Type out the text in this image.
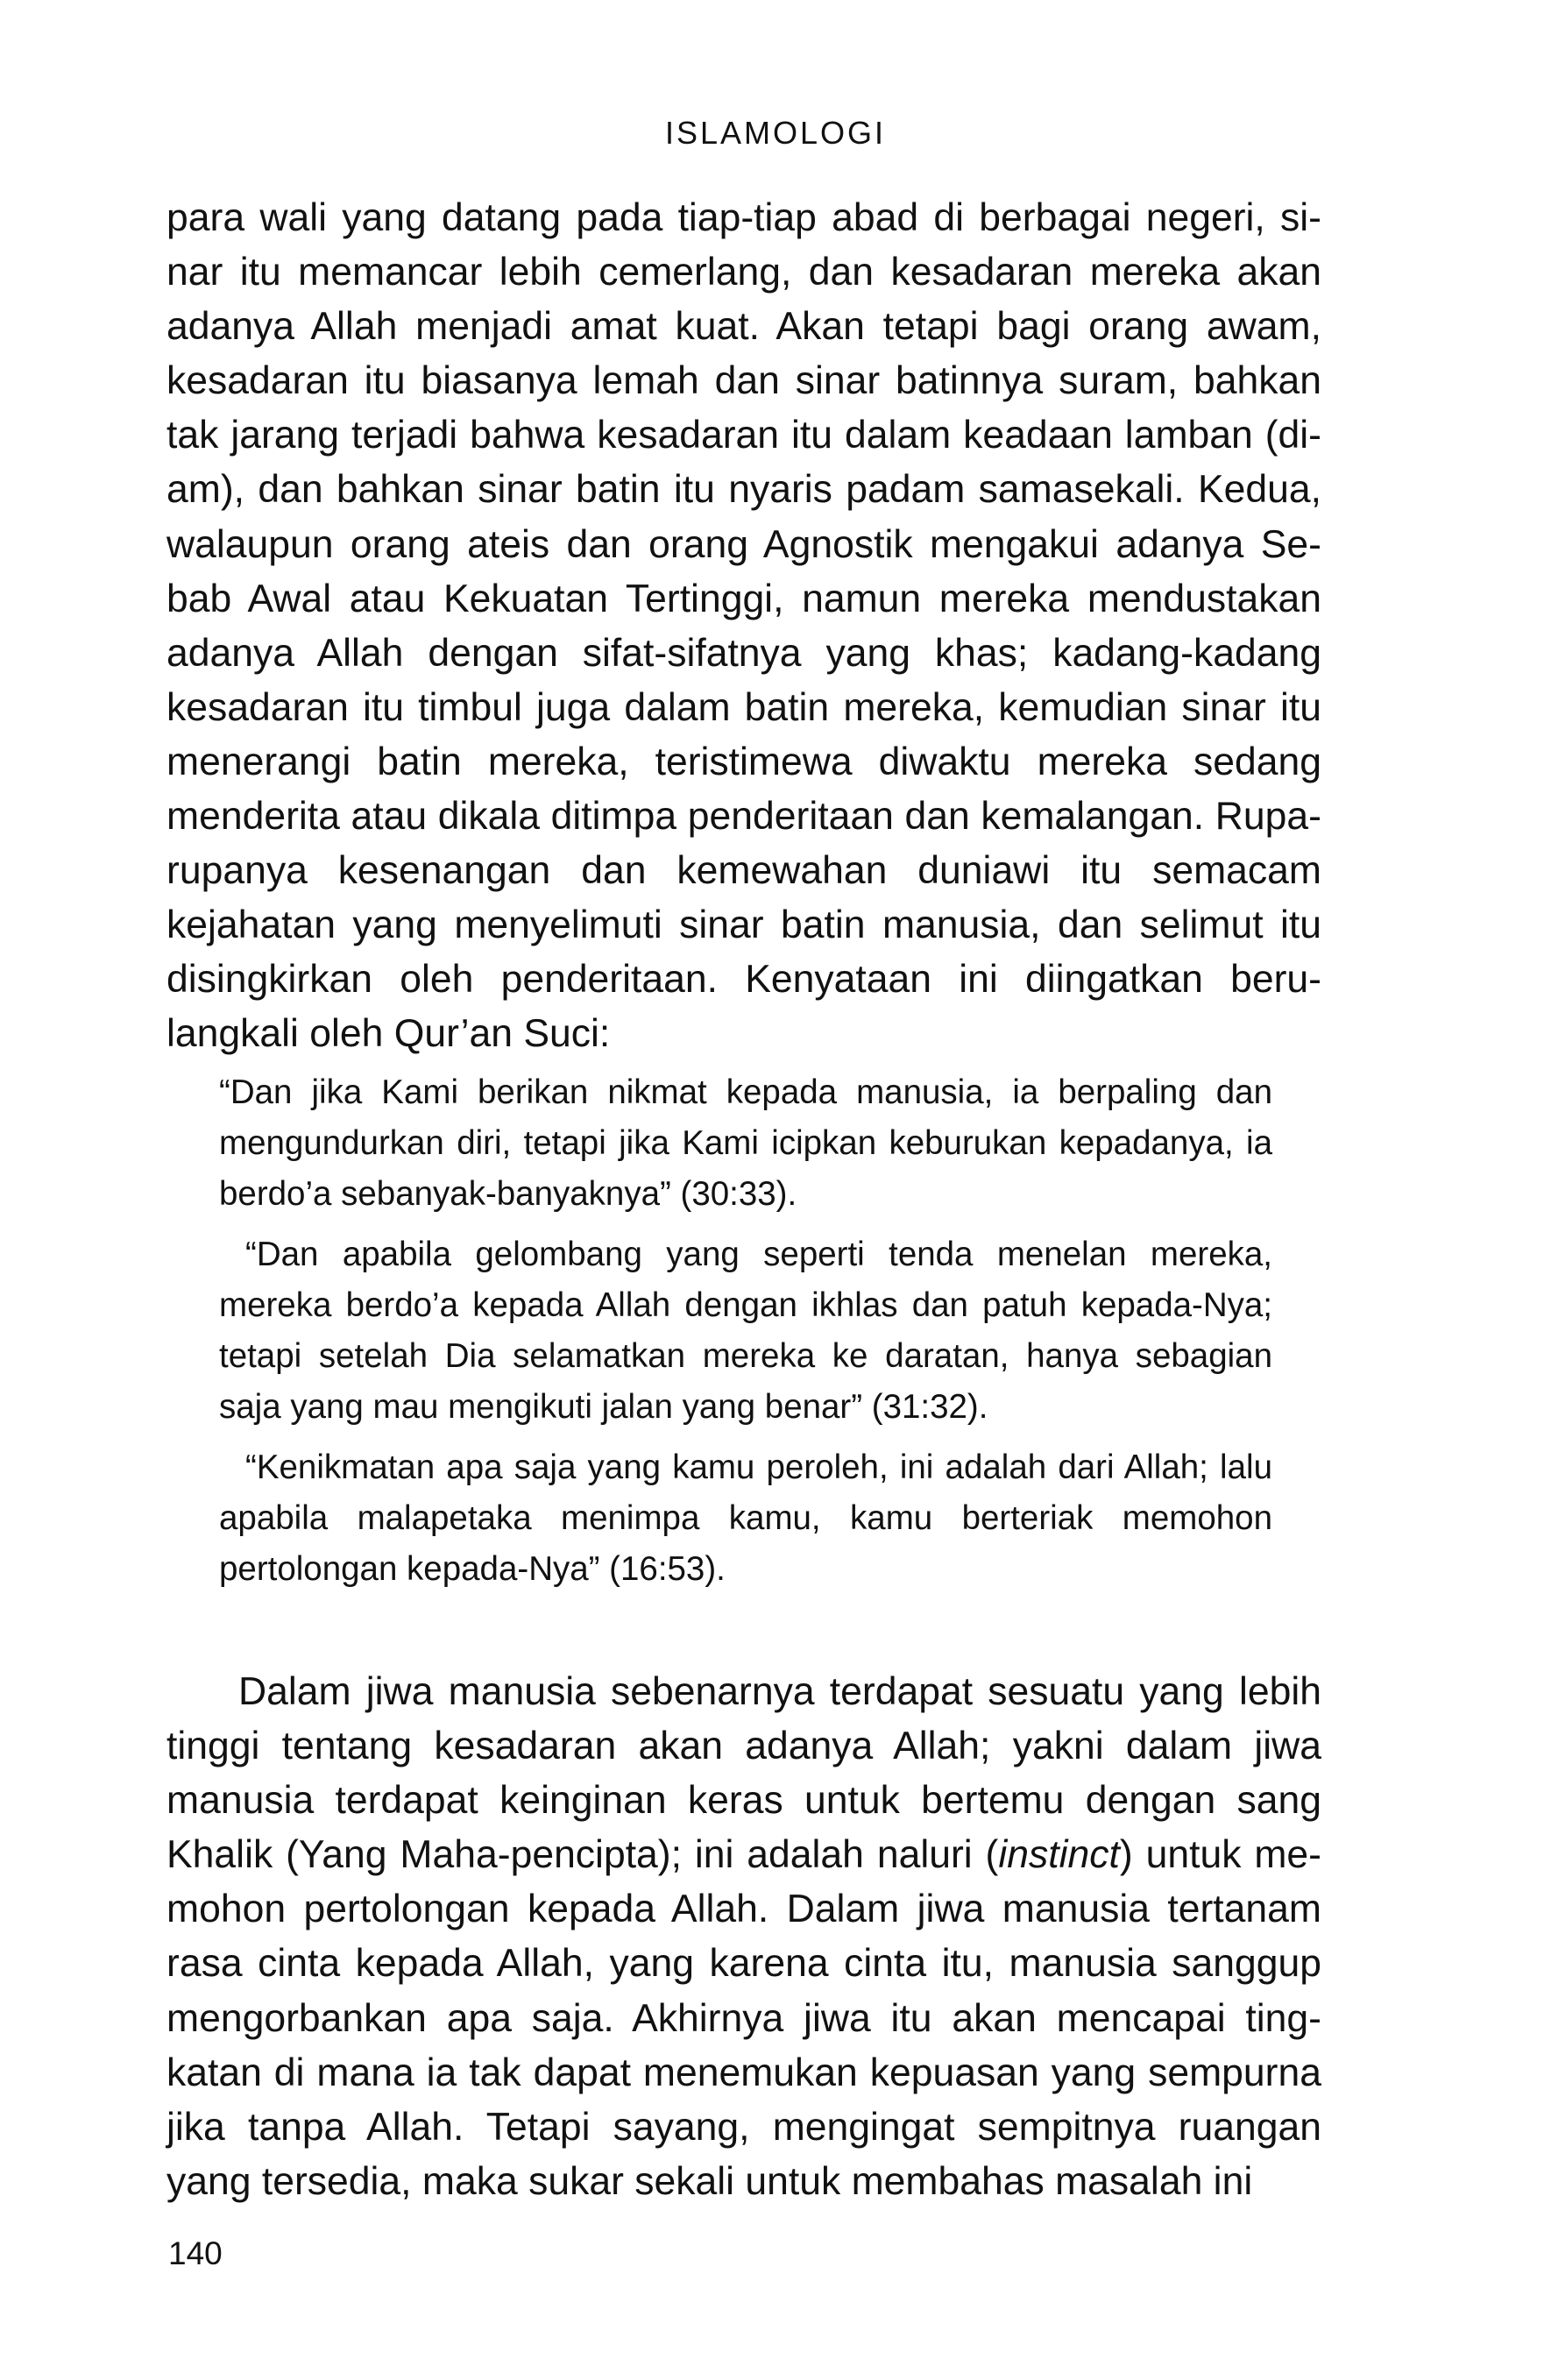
ISLAMOLOGI

para wali yang datang pada tiap-tiap abad di berbagai negeri, sinar itu memancar lebih cemerlang, dan kesadaran mereka akan adanya Allah menjadi amat kuat. Akan tetapi bagi orang awam, kesadaran itu biasanya lemah dan sinar batinnya suram, bahkan tak jarang terjadi bahwa kesadaran itu dalam keadaan lamban (diam), dan bahkan sinar batin itu nyaris padam samasekali. Kedua, walaupun orang ateis dan orang Agnostik mengakui adanya Sebab Awal atau Kekuatan Tertinggi, namun mereka mendustakan adanya Allah dengan sifat-sifatnya yang khas; kadang-kadang kesadaran itu timbul juga dalam batin mereka, kemudian sinar itu menerangi batin mereka, teristimewa diwaktu mereka sedang menderita atau dikala ditimpa penderitaan dan kemalangan. Rupa-rupanya kesenangan dan kemewahan duniawi itu semacam kejahatan yang menyelimuti sinar batin manusia, dan selimut itu disingkirkan oleh penderitaan. Kenyataan ini diingatkan berulangkali oleh Qur’an Suci:

“Dan jika Kami berikan nikmat kepada manusia, ia berpaling dan mengundurkan diri, tetapi jika Kami icipkan keburukan kepadanya, ia berdo’a sebanyak-banyaknya” (30:33).

“Dan apabila gelombang yang seperti tenda menelan mereka, mereka berdo’a kepada Allah dengan ikhlas dan patuh kepada-Nya; tetapi setelah Dia selamatkan mereka ke daratan, hanya sebagian saja yang mau mengikuti jalan yang benar” (31:32).

“Kenikmatan apa saja yang kamu peroleh, ini adalah dari Allah; lalu apabila malapetaka menimpa kamu, kamu berteriak memohon pertolongan kepada-Nya” (16:53).

Dalam jiwa manusia sebenarnya terdapat sesuatu yang lebih tinggi tentang kesadaran akan adanya Allah; yakni dalam jiwa manusia terdapat keinginan keras untuk bertemu dengan sang Khalik (Yang Maha-pencipta); ini adalah naluri (instinct) untuk memohon pertolongan kepada Allah. Dalam jiwa manusia tertanam rasa cinta kepada Allah, yang karena cinta itu, manusia sanggup mengorbankan apa saja. Akhirnya jiwa itu akan mencapai tingkatan di mana ia tak dapat menemukan kepuasan yang sempurna jika tanpa Allah. Tetapi sayang, mengingat sempitnya ruangan yang tersedia, maka sukar sekali untuk membahas masalah ini

140
